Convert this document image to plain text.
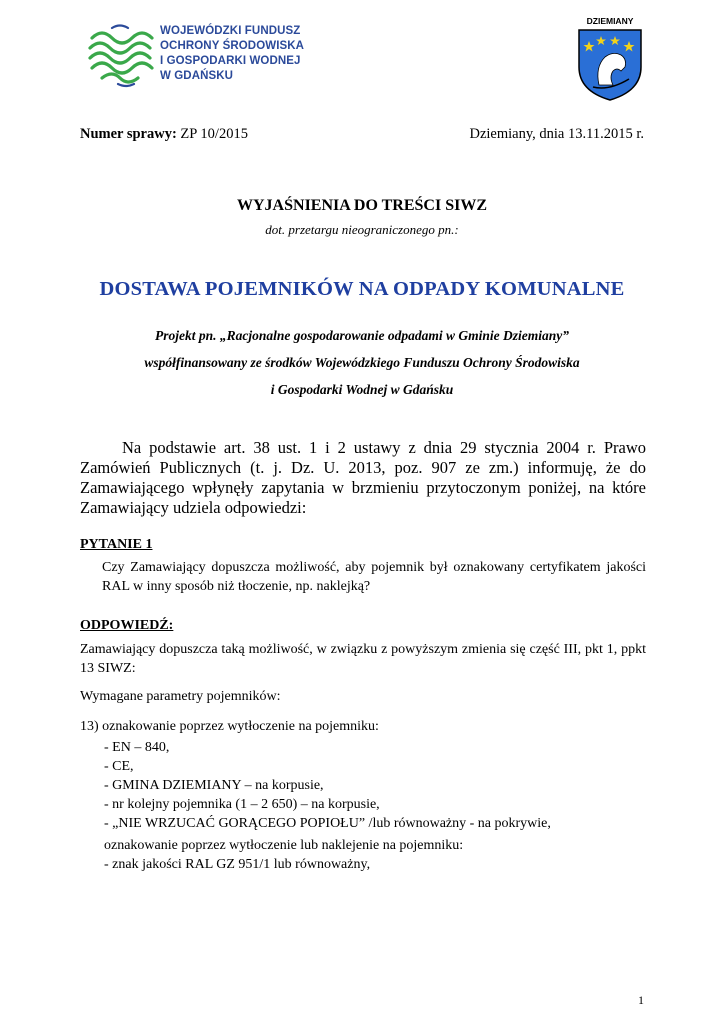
WOJEWÓDZKI FUNDUSZ
OCHRONY ŚRODOWISKA
I GOSPODARKI WODNEJ
W GDAŃSKU
DZIEMIANY
Numer sprawy: ZP 10/2015	Dziemiany, dnia 13.11.2015 r.
WYJAŚNIENIA DO TREŚCI SIWZ
dot. przetargu nieograniczonego pn.:
DOSTAWA POJEMNIKÓW NA ODPADY KOMUNALNE
Projekt pn. „Racjonalne gospodarowanie odpadami w Gminie Dziemiany”
współfinansowany ze środków Wojewódzkiego Funduszu Ochrony Środowiska
i Gospodarki Wodnej w Gdańsku
Na podstawie art. 38 ust. 1 i 2 ustawy z dnia 29 stycznia 2004 r. Prawo Zamówień Publicznych (t. j. Dz. U. 2013, poz. 907 ze zm.) informuję, że do Zamawiającego wpłynęły zapytania w brzmieniu przytoczonym poniżej, na które Zamawiający udziela odpowiedzi:
PYTANIE 1
Czy Zamawiający dopuszcza możliwość, aby pojemnik był oznakowany certyfikatem jakości RAL w inny sposób niż tłoczenie, np. naklejką?
ODPOWIEDŹ:
Zamawiający dopuszcza taką możliwość, w związku z powyższym zmienia się część III, pkt 1, ppkt 13 SIWZ:
Wymagane parametry pojemników:
13) oznakowanie poprzez wytłoczenie na pojemniku:
- EN – 840,
- CE,
- GMINA DZIEMIANY – na korpusie,
- nr kolejny pojemnika (1 – 2 650) – na korpusie,
- „NIE WRZUCAĆ GORĄCEGO POPIOŁU” /lub równoważny - na pokrywie,
oznakowanie poprzez wytłoczenie lub naklejenie na pojemniku:
- znak jakości RAL GZ 951/1 lub równoważny,
1
